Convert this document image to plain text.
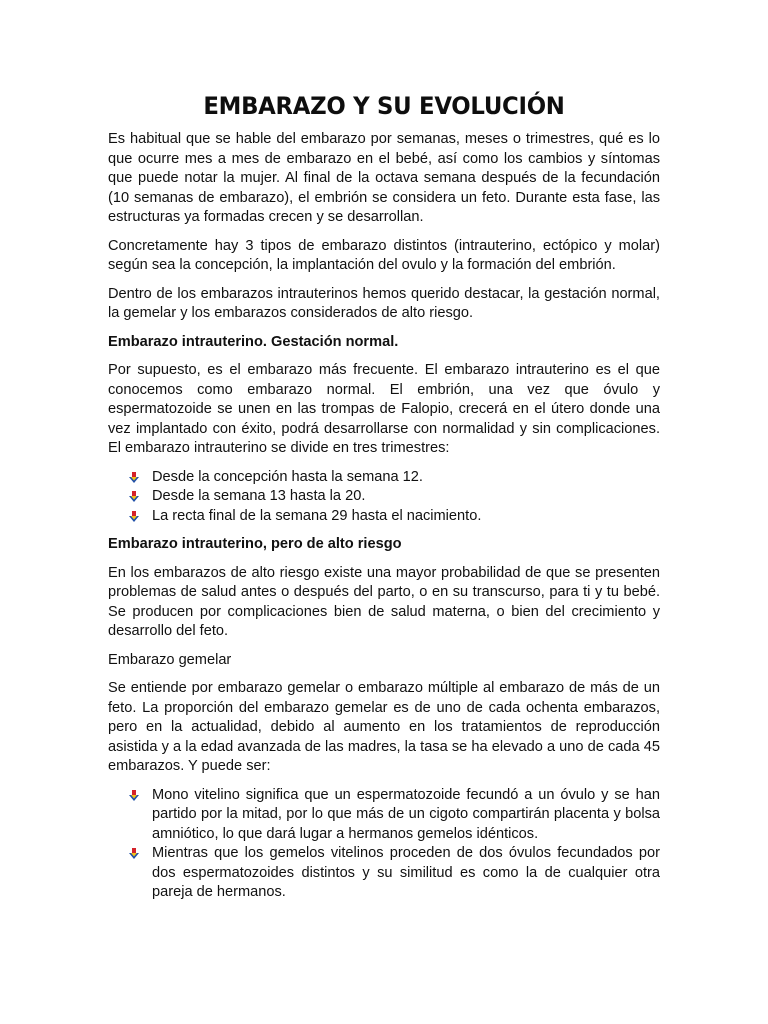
EMBARAZO Y SU EVOLUCIÓN

Es habitual que se hable del embarazo por semanas, meses o trimestres, qué es lo que ocurre mes a mes de embarazo en el bebé, así como los cambios y síntomas que puede notar la mujer. Al final de la octava semana después de la fecundación (10 semanas de embarazo), el embrión se considera un feto. Durante esta fase, las estructuras ya formadas crecen y se desarrollan.

Concretamente hay 3 tipos de embarazo distintos (intrauterino, ectópico y molar) según sea la concepción, la implantación del ovulo y la formación del embrión.

Dentro de los embarazos intrauterinos hemos querido destacar, la gestación normal, la gemelar y los embarazos considerados de alto riesgo.

Embarazo intrauterino. Gestación normal.

Por supuesto, es el embarazo más frecuente. El embarazo intrauterino es el que conocemos como embarazo normal. El embrión, una vez que óvulo y espermatozoide se unen en las trompas de Falopio, crecerá en el útero donde una vez implantado con éxito, podrá desarrollarse con normalidad y sin complicaciones. El embarazo intrauterino se divide en tres trimestres:

Desde la concepción hasta la semana 12.
Desde la semana 13 hasta la 20.
La recta final de la semana 29 hasta el nacimiento.
Embarazo intrauterino, pero de alto riesgo

En los embarazos de alto riesgo existe una mayor probabilidad de que se presenten problemas de salud antes o después del parto, o en su transcurso, para ti y tu bebé. Se producen por complicaciones bien de salud materna, o bien del crecimiento y desarrollo del feto.

Embarazo gemelar

Se entiende por embarazo gemelar o embarazo múltiple al embarazo de más de un feto. La proporción del embarazo gemelar es de uno de cada ochenta embarazos, pero en la actualidad, debido al aumento en los tratamientos de reproducción asistida y a la edad avanzada de las madres, la tasa se ha elevado a uno de cada 45 embarazos. Y puede ser:

Mono vitelino significa que un espermatozoide fecundó a un óvulo y se han partido por la mitad, por lo que más de un cigoto compartirán placenta y bolsa amniótico, lo que dará lugar a hermanos gemelos idénticos.
Mientras que los gemelos vitelinos proceden de dos óvulos fecundados por dos espermatozoides distintos y su similitud es como la de cualquier otra pareja de hermanos.
